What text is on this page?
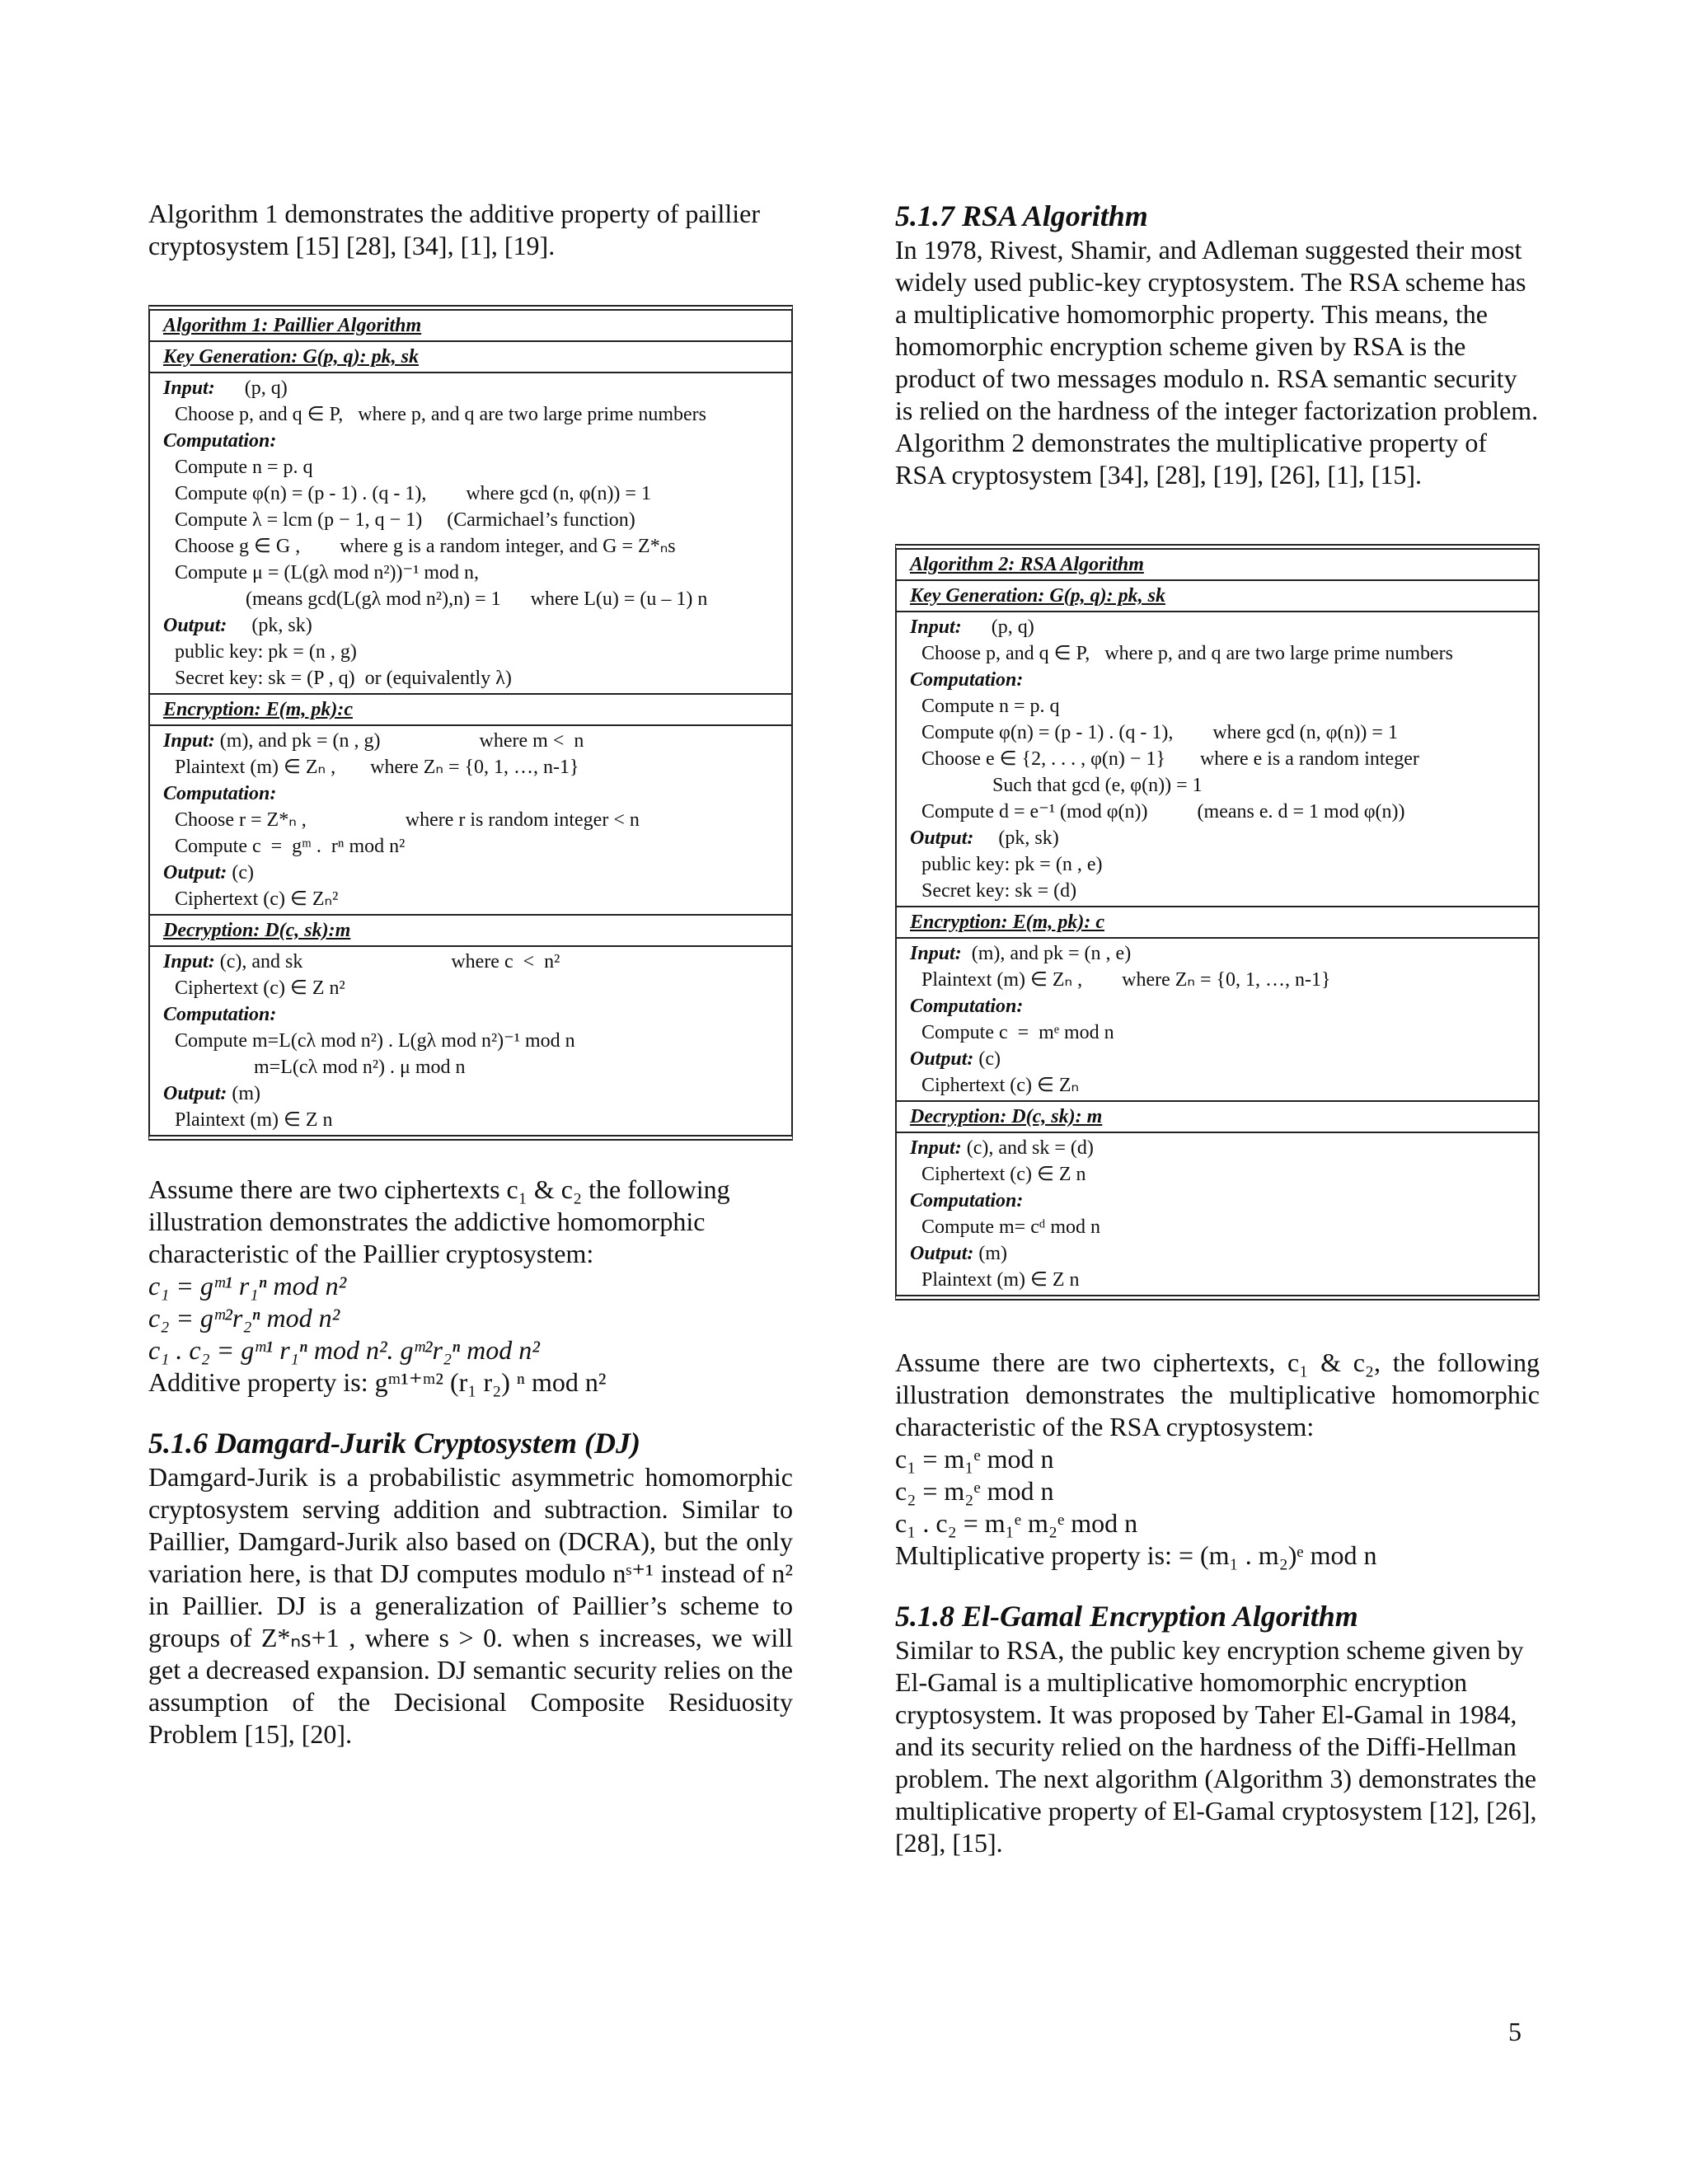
Algorithm 1 demonstrates the additive property of paillier cryptosystem [15] [28], [34], [1], [19].

Algorithm 1: Paillier Algorithm
Key Generation: G(p, q): pk, sk
Input:      (p, q)
Choose p, and q ∈ P,   where p, and q are two large prime numbers
Computation:
Compute n = p. q
Compute φ(n) = (p - 1) . (q - 1),        where gcd (n, φ(n)) = 1
Compute λ = lcm (p − 1, q − 1)     (Carmichael’s function)
Choose g ∈ G ,        where g is a random integer, and G = Z*ₙs
Compute μ = (L(gλ mod n²))⁻¹ mod n,
(means gcd(L(gλ mod n²),n) = 1      where L(u) = (u – 1) n
Output:     (pk, sk)
public key: pk = (n , g)
Secret key: sk = (P , q)  or (equivalently λ)
Encryption: E(m, pk):c
Input: (m), and pk = (n , g)                    where m <  n
Plaintext (m) ∈ Zₙ ,       where Zₙ = {0, 1, …, n-1}
Computation:
Choose r = Z*ₙ ,                    where r is random integer < n
Compute c  =  gᵐ .  rⁿ mod n²
Output: (c)
Ciphertext (c) ∈ Zₙ²
Decryption: D(c, sk):m
Input: (c), and sk                              where c  <  n²
Ciphertext (c) ∈ Z n²
Computation:
Compute m=L(cλ mod n²) . L(gλ mod n²)⁻¹ mod n
m=L(cλ mod n²) . μ mod n
Output: (m)
Plaintext (m) ∈ Z n

Assume there are two ciphertexts c₁ & c₂ the following illustration demonstrates the addictive homomorphic characteristic of the Paillier cryptosystem:

c₁ = gᵐ¹ r₁ⁿ mod n²
c₂ = gᵐ²r₂ⁿ mod n²
c₁ . c₂ = gᵐ¹ r₁ⁿ mod n². gᵐ²r₂ⁿ mod n²
Additive property is: gᵐ¹⁺ᵐ² (r₁ r₂) ⁿ mod n²
5.1.6 Damgard-Jurik Cryptosystem (DJ)

Damgard-Jurik is a probabilistic asymmetric homomorphic cryptosystem serving addition and subtraction. Similar to Paillier, Damgard-Jurik also based on (DCRA), but the only variation here, is that DJ computes modulo nˢ⁺¹ instead of n² in Paillier. DJ is a generalization of Paillier’s scheme to groups of Z*ₙs+1 , where s > 0. when s increases, we will get a decreased expansion. DJ semantic security relies on the assumption of the Decisional Composite Residuosity Problem [15], [20].

5.1.7 RSA Algorithm

In 1978, Rivest, Shamir, and Adleman suggested their most widely used public-key cryptosystem. The RSA scheme has a multiplicative homomorphic property. This means, the homomorphic encryption scheme given by RSA is the product of two messages modulo n. RSA semantic security is relied on the hardness of the integer factorization problem.

Algorithm 2 demonstrates the multiplicative property of RSA cryptosystem [34], [28], [19], [26], [1], [15].

Algorithm 2: RSA Algorithm
Key Generation: G(p, q): pk, sk
Input:      (p, q)
Choose p, and q ∈ P,   where p, and q are two large prime numbers
Computation:
Compute n = p. q
Compute φ(n) = (p - 1) . (q - 1),        where gcd (n, φ(n)) = 1
Choose e ∈ {2, . . . , φ(n) − 1}       where e is a random integer
Such that gcd (e, φ(n)) = 1
Compute d = e⁻¹ (mod φ(n))          (means e. d = 1 mod φ(n))
Output:     (pk, sk)
public key: pk = (n , e)
Secret key: sk = (d)
Encryption: E(m, pk): c
Input:  (m), and pk = (n , e)
Plaintext (m) ∈ Zₙ ,        where Zₙ = {0, 1, …, n-1}
Computation:
Compute c  =  mᵉ mod n
Output: (c)
Ciphertext (c) ∈ Zₙ
Decryption: D(c, sk): m
Input: (c), and sk = (d)
Ciphertext (c) ∈ Z n
Computation:
Compute m= cᵈ mod n
Output: (m)
Plaintext (m) ∈ Z n

Assume there are two ciphertexts, c₁ & c₂, the following illustration demonstrates the multiplicative homomorphic characteristic of the RSA cryptosystem:

c₁ = m₁ᵉ mod n
c₂ = m₂ᵉ mod n
c₁ . c₂ = m₁ᵉ m₂ᵉ mod n
Multiplicative property is: = (m₁ . m₂)ᵉ mod n
5.1.8 El-Gamal Encryption Algorithm

Similar to RSA, the public key encryption scheme given by El-Gamal is a multiplicative homomorphic encryption cryptosystem. It was proposed by Taher El-Gamal in 1984, and its security relied on the hardness of the Diffi-Hellman problem. The next algorithm (Algorithm 3) demonstrates the multiplicative property of El-Gamal cryptosystem [12], [26], [28], [15].

5
